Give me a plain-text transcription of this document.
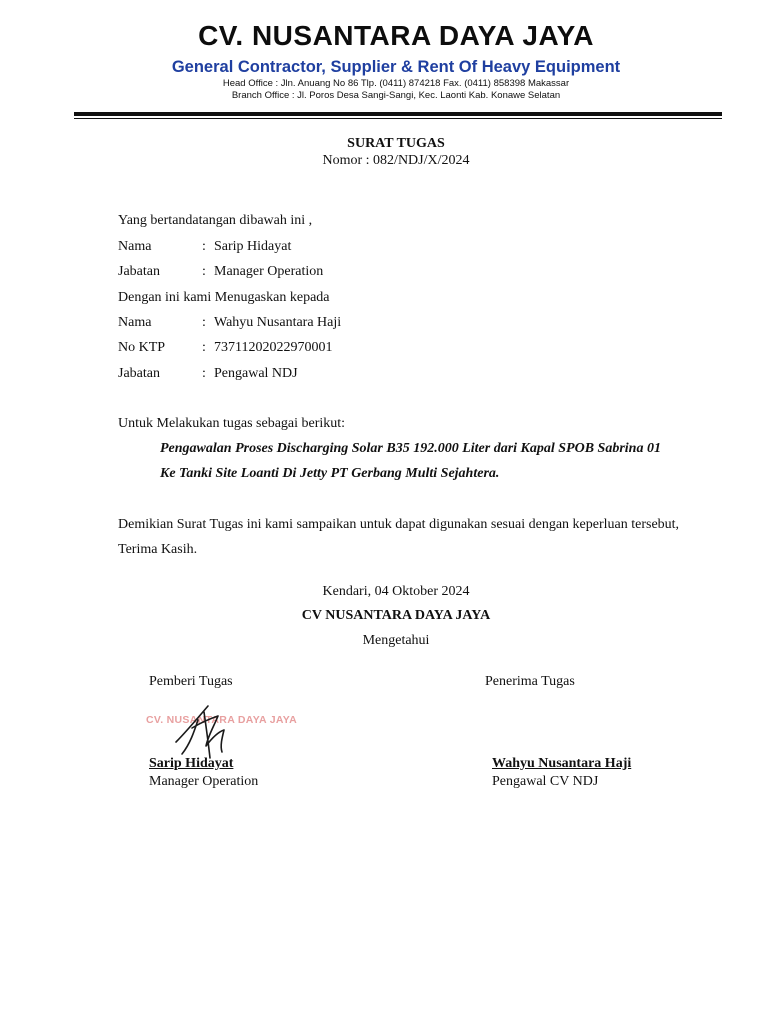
CV. NUSANTARA DAYA JAYA
General Contractor, Supplier & Rent Of Heavy Equipment
Head Office : Jln. Anuang No 86 Tlp. (0411) 874218 Fax. (0411) 858398 Makassar
Branch Office : Jl. Poros Desa Sangi-Sangi, Kec. Laonti Kab. Konawe Selatan
SURAT TUGAS
Nomor : 082/NDJ/X/2024
Yang bertandatangan dibawah ini ,
Nama	: Sarip Hidayat
Jabatan	: Manager Operation
Dengan ini kami Menugaskan kepada
Nama	: Wahyu Nusantara Haji
No KTP	: 73711202022970001
Jabatan	: Pengawal NDJ
Untuk Melakukan tugas sebagai berikut:
Pengawalan Proses Discharging Solar B35 192.000 Liter dari Kapal SPOB Sabrina 01
Ke Tanki Site Loanti Di Jetty PT Gerbang Multi Sejahtera.
Demikian Surat Tugas ini kami sampaikan untuk dapat digunakan sesuai dengan keperluan tersebut,
Terima Kasih.
Kendari, 04 Oktober 2024
CV NUSANTARA DAYA JAYA
Mengetahui
Pemberi Tugas	Penerima Tugas
CV. NUSANTARA DAYA JAYA
Sarip Hidayat
Manager Operation
Wahyu Nusantara Haji
Pengawal CV NDJ
